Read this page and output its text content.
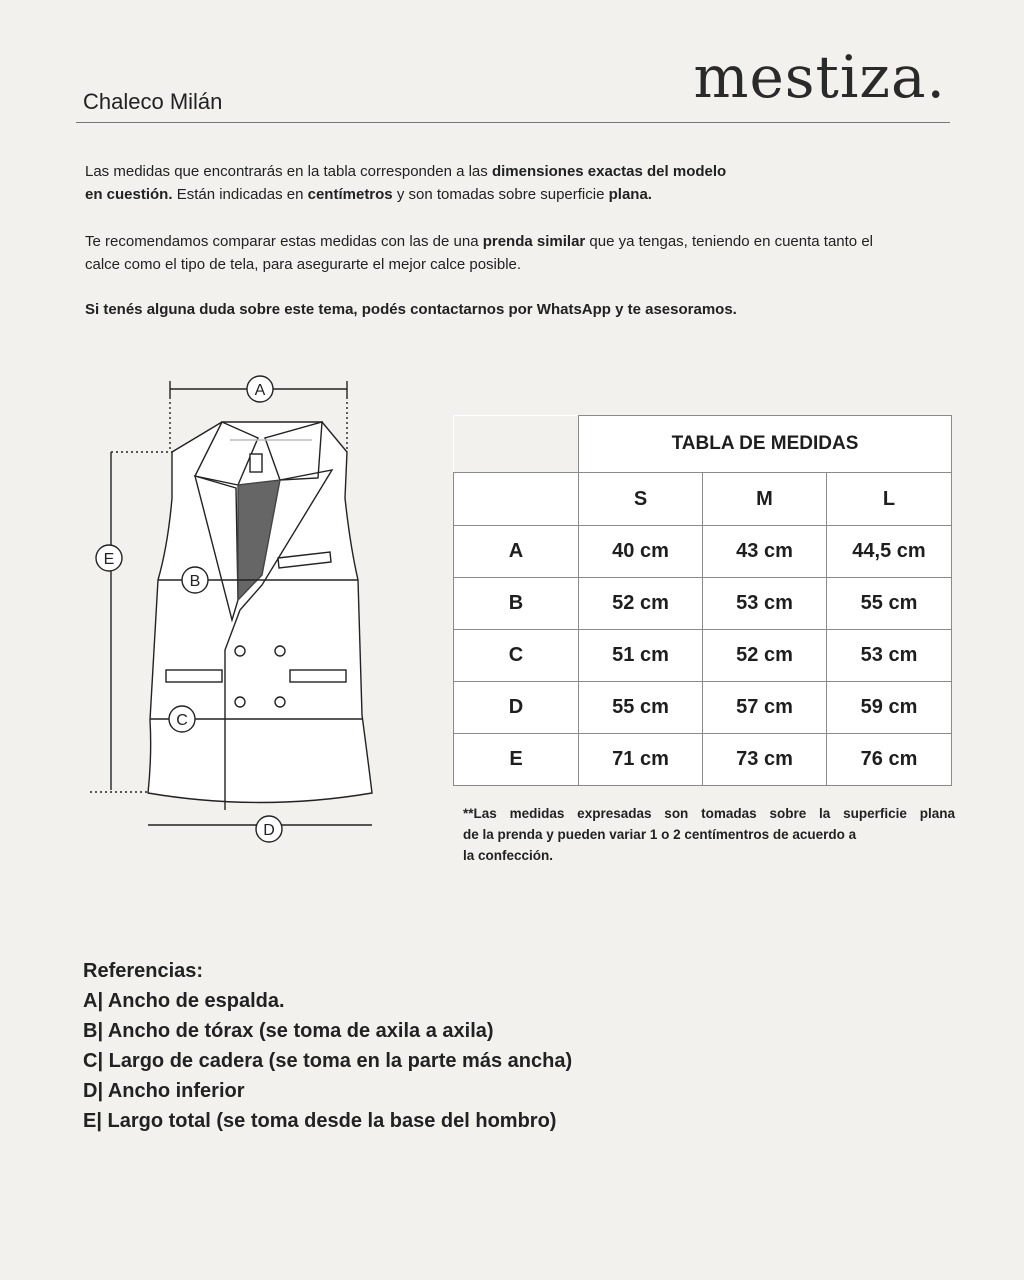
Chaleco Milán	mestiza.

Las medidas que encontrarás en la tabla corresponden a las dimensiones exactas del modelo
en cuestión. Están indicadas en centímetros y son tomadas sobre superficie plana.

Te recomendamos comparar estas medidas con las de una prenda similar que ya tengas, teniendo en cuenta tanto el
calce como el tipo de tela, para asegurarte el mejor calce posible.

Si tenés alguna duda sobre este tema, podés contactarnos por WhatsApp y te asesoramos.

A
B
C
D
E
	TABLA DE MEDIDAS		
	S	M	L
A	40 cm	43 cm	44,5 cm
B	52 cm	53 cm	55 cm
C	51 cm	52 cm	53 cm
D	55 cm	57 cm	59 cm
E	71 cm	73 cm	76 cm

**Las medidas expresadas son tomadas sobre la superficie plana

de la prenda y pueden variar 1 o 2 centímentros de acuerdo a

la confección.

Referencias:

A| Ancho de espalda.

B| Ancho de tórax (se toma de axila a axila)

C| Largo de cadera (se toma en la parte más ancha)

D| Ancho inferior

E| Largo total (se toma desde la base del hombro)
